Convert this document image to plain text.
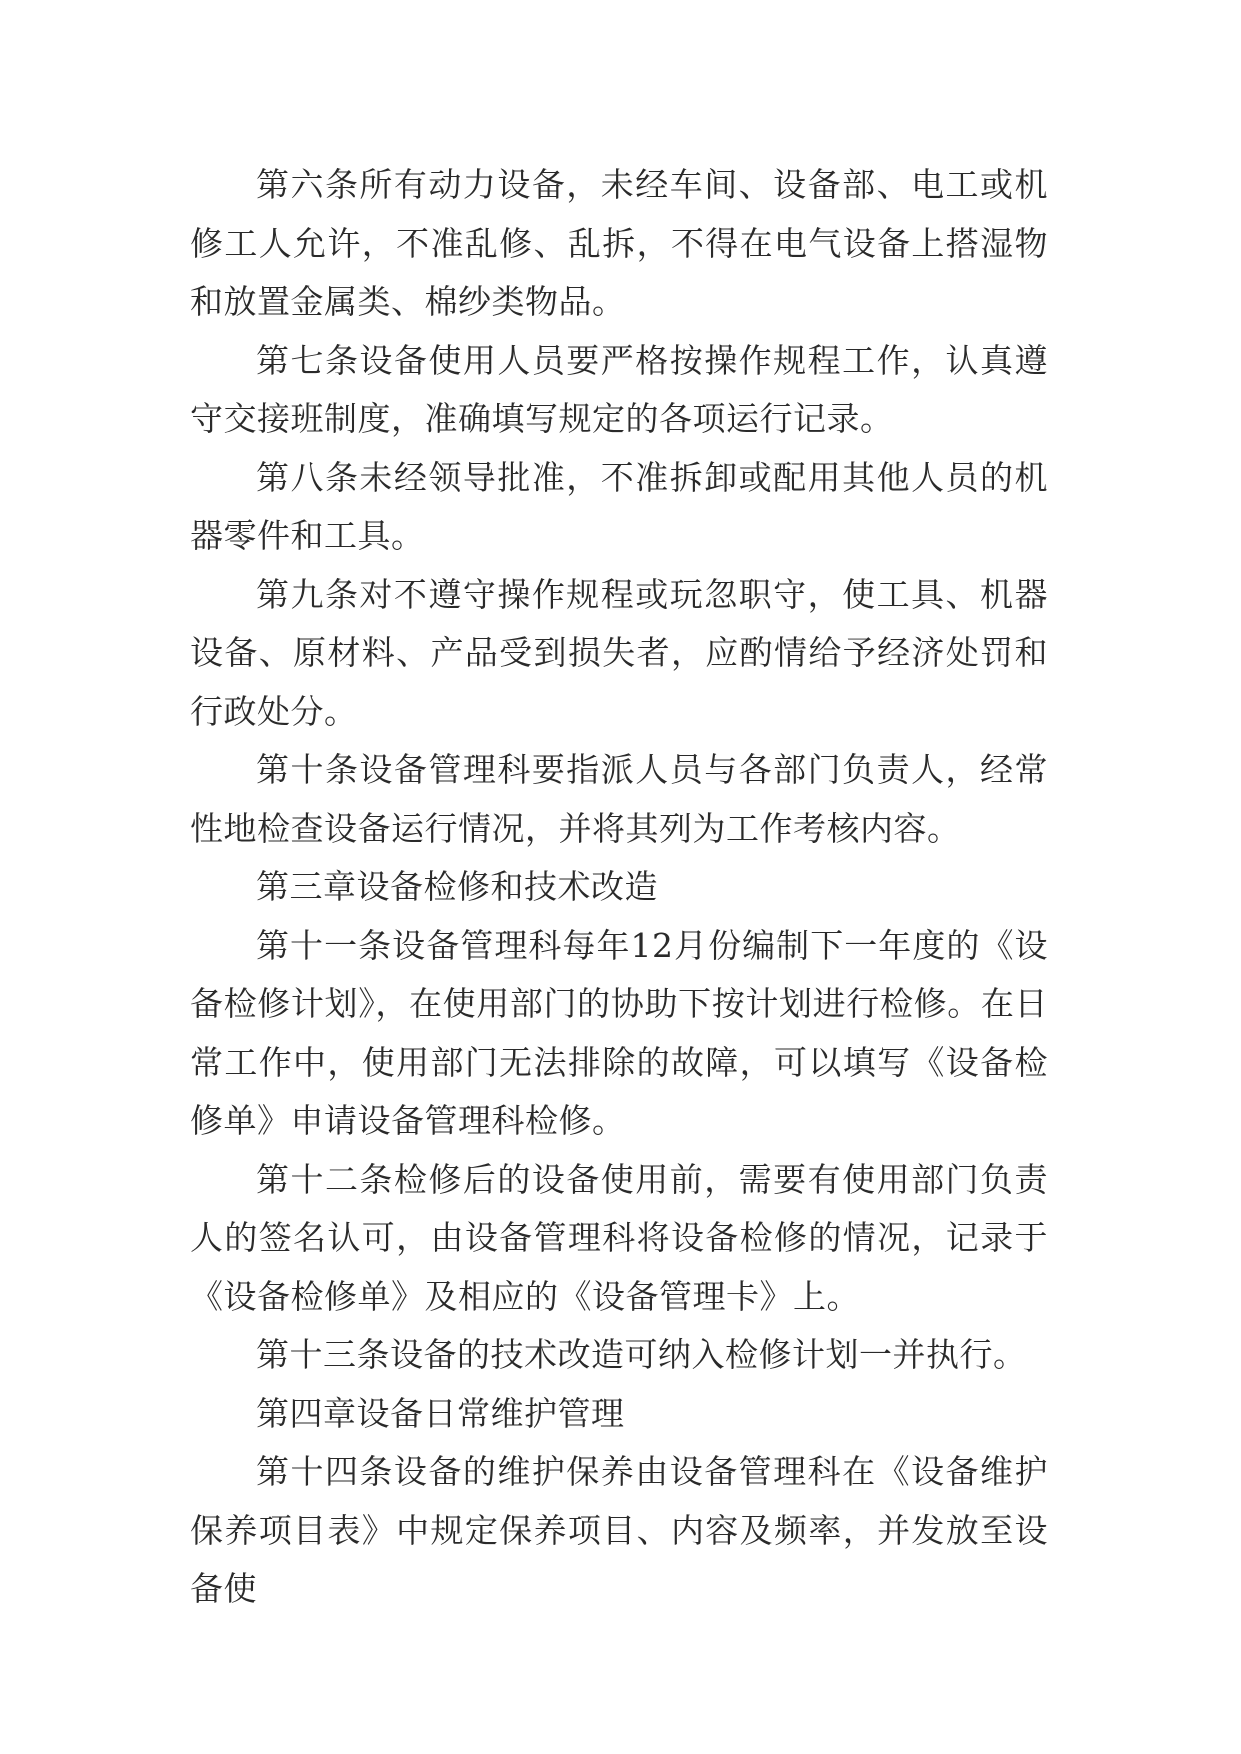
第六条所有动力设备，未经车间、设备部、电工或机修工人允许，不准乱修、乱拆，不得在电气设备上搭湿物和放置金属类、棉纱类物品。

第七条设备使用人员要严格按操作规程工作，认真遵守交接班制度，准确填写规定的各项运行记录。

第八条未经领导批准，不准拆卸或配用其他人员的机器零件和工具。

第九条对不遵守操作规程或玩忽职守，使工具、机器设备、原材料、产品受到损失者，应酌情给予经济处罚和行政处分。

第十条设备管理科要指派人员与各部门负责人，经常性地检查设备运行情况，并将其列为工作考核内容。

第三章设备检修和技术改造

第十一条设备管理科每年12月份编制下一年度的《设备检修计划》，在使用部门的协助下按计划进行检修。在日常工作中，使用部门无法排除的故障，可以填写《设备检修单》申请设备管理科检修。

第十二条检修后的设备使用前，需要有使用部门负责人的签名认可，由设备管理科将设备检修的情况，记录于《设备检修单》及相应的《设备管理卡》上。

第十三条设备的技术改造可纳入检修计划一并执行。

第四章设备日常维护管理

第十四条设备的维护保养由设备管理科在《设备维护保养项目表》中规定保养项目、内容及频率，并发放至设备使
